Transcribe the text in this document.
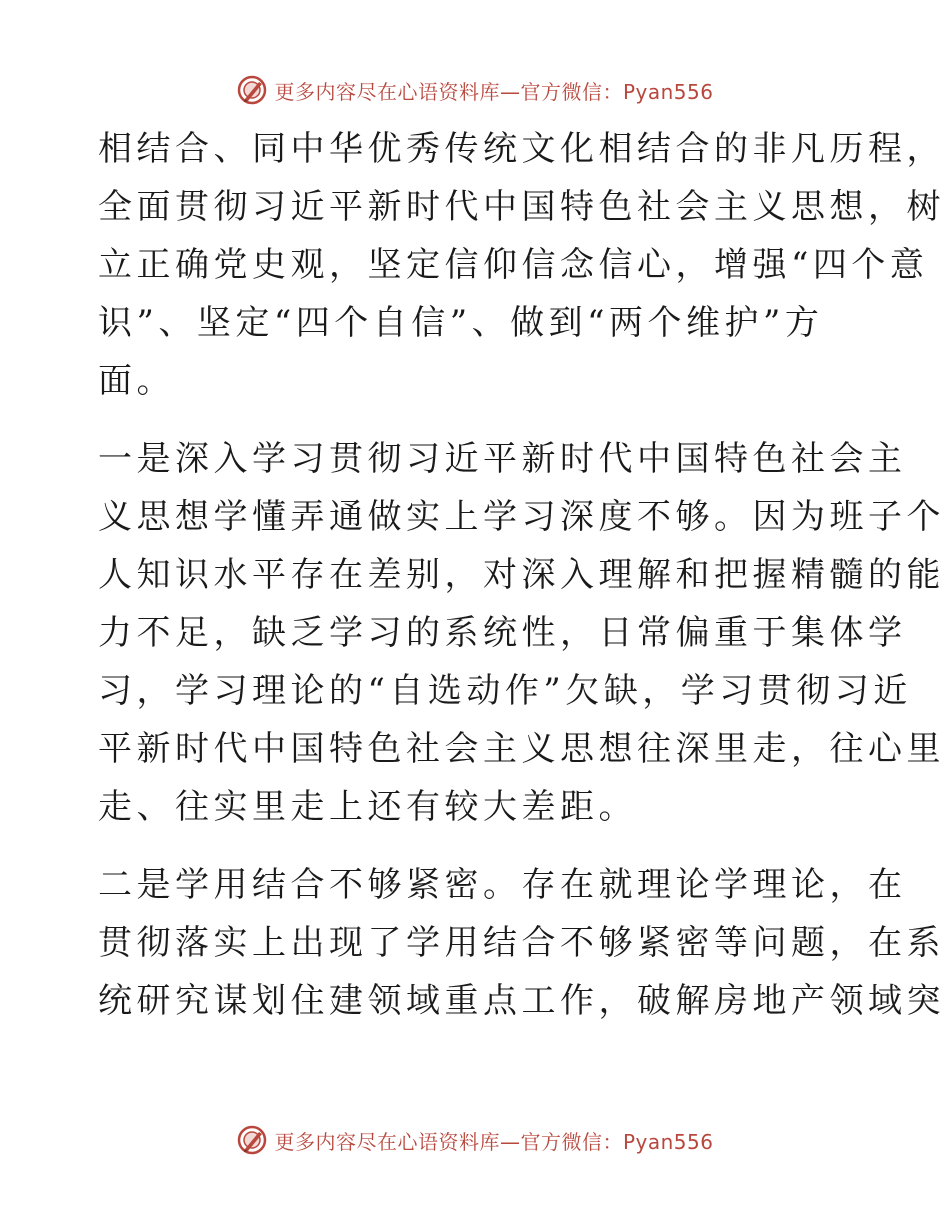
更多内容尽在心语资料库—官方微信：Pyan556
相结合、同中华优秀传统文化相结合的非凡历程，
全面贯彻习近平新时代中国特色社会主义思想，树
立正确党史观，坚定信仰信念信心，增强“四个意
识”、坚定“四个自信”、做到“两个维护”方
面。
一是深入学习贯彻习近平新时代中国特色社会主
义思想学懂弄通做实上学习深度不够。因为班子个
人知识水平存在差别，对深入理解和把握精髓的能
力不足，缺乏学习的系统性，日常偏重于集体学
习，学习理论的“自选动作”欠缺，学习贯彻习近
平新时代中国特色社会主义思想往深里走，往心里
走、往实里走上还有较大差距。
二是学用结合不够紧密。存在就理论学理论，在
贯彻落实上出现了学用结合不够紧密等问题，在系
统研究谋划住建领域重点工作，破解房地产领域突
更多内容尽在心语资料库—官方微信：Pyan556
